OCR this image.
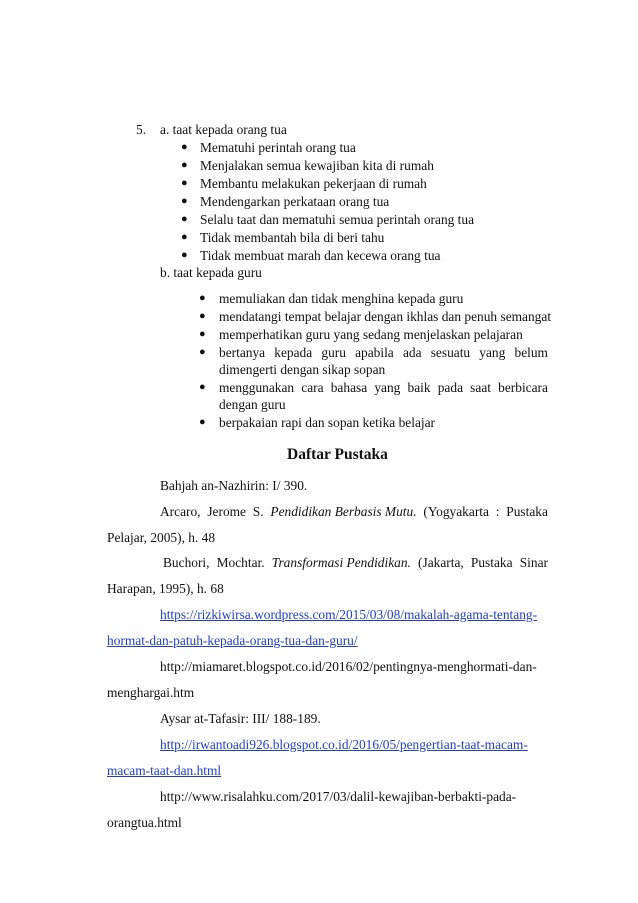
5. a. taat kepada orang tua
● Mematuhi perintah orang tua
● Menjalakan semua kewajiban kita di rumah
● Membantu melakukan pekerjaan di rumah
● Mendengarkan perkataan orang tua
● Selalu taat dan mematuhi semua perintah orang tua
● Tidak membantah bila di beri tahu
● Tidak membuat marah dan kecewa orang tua
b. taat kepada guru
● memuliakan dan tidak menghina kepada guru
● mendatangi tempat belajar dengan ikhlas dan penuh semangat
● memperhatikan guru yang sedang menjelaskan pelajaran
● bertanya kepada guru apabila ada sesuatu yang belum
dimengerti dengan sikap sopan
● menggunakan cara bahasa yang baik pada saat berbicara
dengan guru
● berpakaian rapi dan sopan ketika belajar
Daftar Pustaka
Bahjah an-Nazhirin: I/ 390.
Arcaro, Jerome S. Pendidikan Berbasis Mutu. (Yogyakarta : Pustaka
Pelajar, 2005), h. 48
Buchori, Mochtar. Transformasi Pendidikan. (Jakarta, Pustaka Sinar
Harapan, 1995), h. 68
https://rizkiwirsa.wordpress.com/2015/03/08/makalah-agama-tentang-
hormat-dan-patuh-kepada-orang-tua-dan-guru/
http://miamaret.blogspot.co.id/2016/02/pentingnya-menghormati-dan-
menghargai.htm
Aysar at-Tafasir: III/ 188-189.
http://irwantoadi926.blogspot.co.id/2016/05/pengertian-taat-macam-
macam-taat-dan.html
http://www.risalahku.com/2017/03/dalil-kewajiban-berbakti-pada-
orangtua.html
